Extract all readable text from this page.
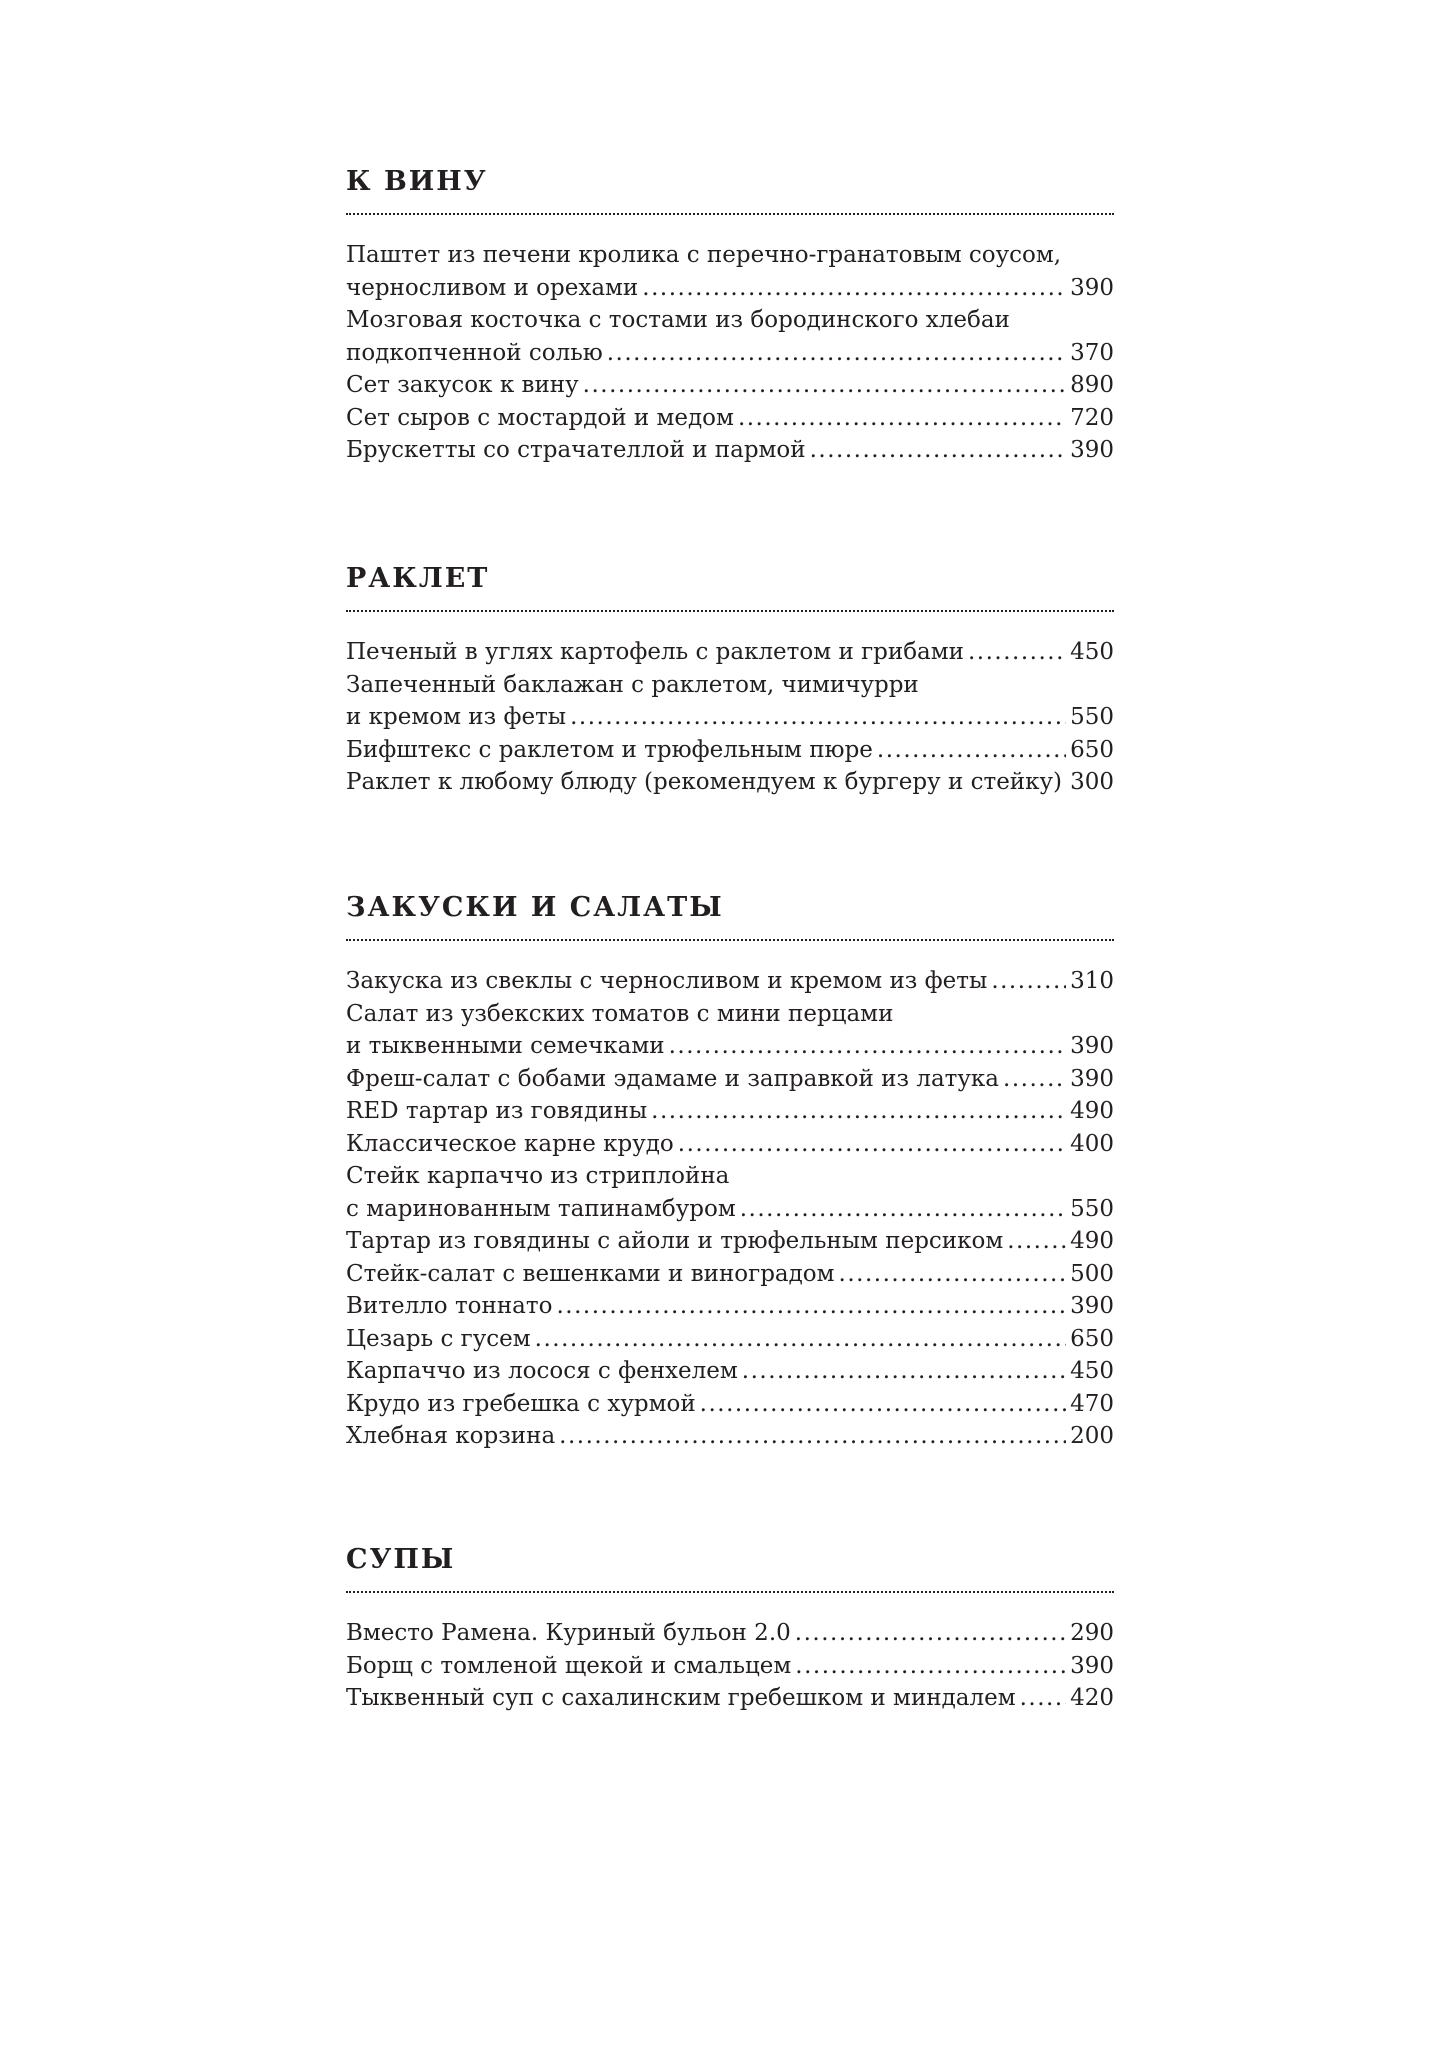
К ВИНУ
Паштет из печени кролика с перечно-гранатовым соусом,
черносливом и орехами .....	390
Мозговая косточка с тостами из бородинского хлебаи
подкопченной солью .....	370
Сет закусок к вину .....	890
Сет сыров с мостардой и медом .....	720
Брускетты со страчателлой и пармой .....	390
РАКЛЕТ
Печеный в углях картофель с раклетом и грибами .....	450
Запеченный баклажан с раклетом, чимичурри
и кремом из феты .....	550
Бифштекс с раклетом и трюфельным пюре .....	650
Раклет к любому блюду (рекомендуем к бургеру и стейку) ..... 300
ЗАКУСКИ И САЛАТЫ
Закуска из свеклы с черносливом и кремом из феты .....	310
Салат из узбекских томатов с мини перцами
и тыквенными семечками .....	390
Фреш-салат с бобами эдамаме и заправкой из латука .....	390
RED тартар из говядины .....	490
Классическое карне крудо .....	400
Стейк карпаччо из стриплойна
с маринованным тапинамбуром .....	550
Тартар из говядины с айоли и трюфельным персиком .....	490
Стейк-салат с вешенками и виноградом .....	500
Вителло тоннато .....	390
Цезарь с гусем .....	650
Карпаччо из лосося с фенхелем .....	450
Крудо из гребешка с хурмой .....	470
Хлебная корзина .....	200
СУПЫ
Вместо Рамена. Куриный бульон 2.0 .....	290
Борщ с томленой щекой и смальцем .....	390
Тыквенный суп с сахалинским гребешком и миндалем ..... 420
